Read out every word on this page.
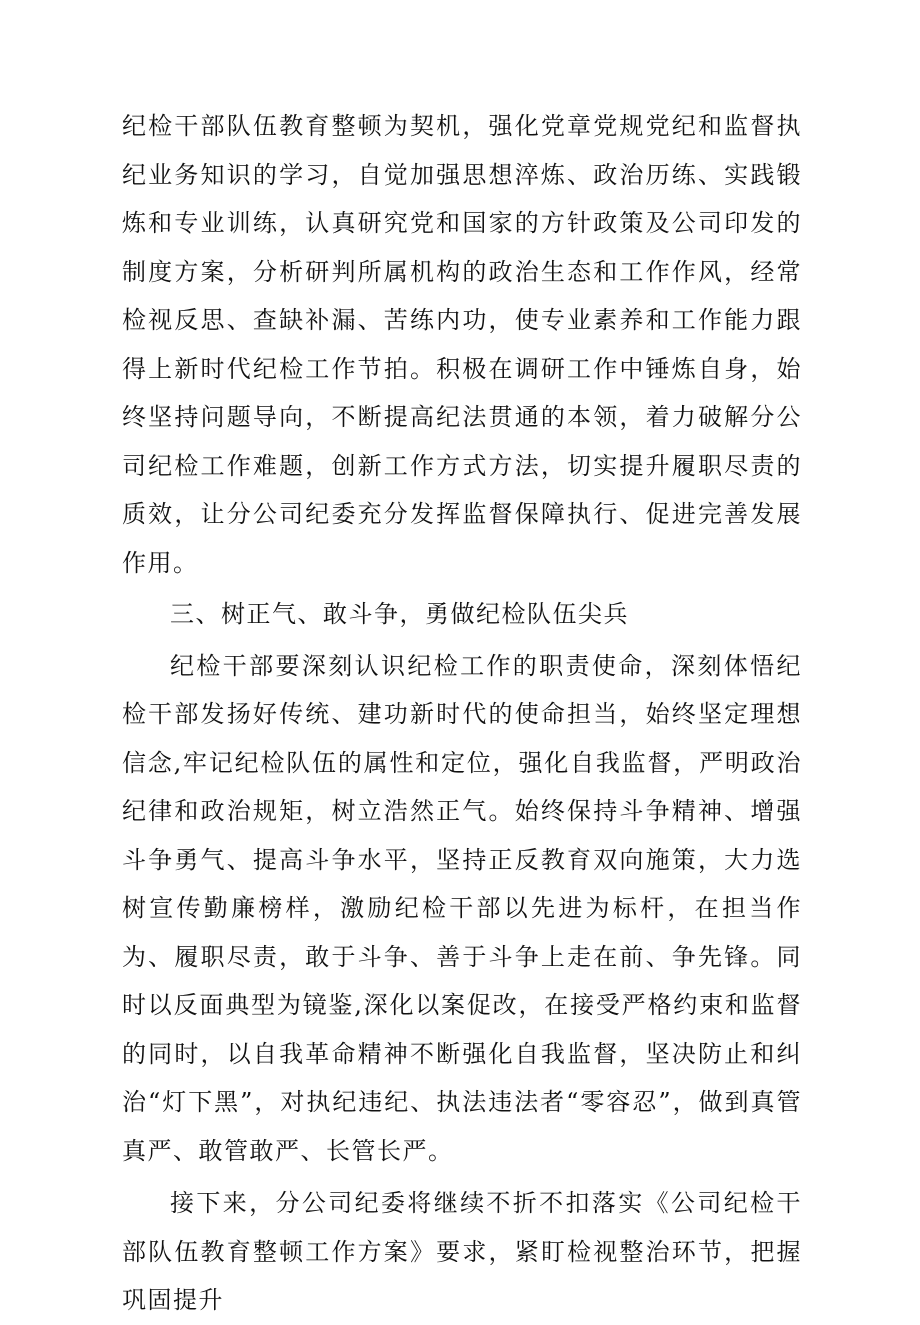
纪检干部队伍教育整顿为契机，强化党章党规党纪和监督执纪业务知识的学习，自觉加强思想淬炼、政治历练、实践锻炼和专业训练，认真研究党和国家的方针政策及公司印发的制度方案，分析研判所属机构的政治生态和工作作风，经常检视反思、查缺补漏、苦练内功，使专业素养和工作能力跟得上新时代纪检工作节拍。积极在调研工作中锤炼自身，始终坚持问题导向，不断提高纪法贯通的本领，着力破解分公司纪检工作难题，创新工作方式方法，切实提升履职尽责的质效，让分公司纪委充分发挥监督保障执行、促进完善发展作用。

三、树正气、敢斗争，勇做纪检队伍尖兵

纪检干部要深刻认识纪检工作的职责使命，深刻体悟纪检干部发扬好传统、建功新时代的使命担当，始终坚定理想信念,牢记纪检队伍的属性和定位，强化自我监督，严明政治纪律和政治规矩，树立浩然正气。始终保持斗争精神、增强斗争勇气、提高斗争水平，坚持正反教育双向施策，大力选树宣传勤廉榜样，激励纪检干部以先进为标杆，在担当作为、履职尽责，敢于斗争、善于斗争上走在前、争先锋。同时以反面典型为镜鉴,深化以案促改，在接受严格约束和监督的同时，以自我革命精神不断强化自我监督，坚决防止和纠治“灯下黑”，对执纪违纪、执法违法者“零容忍”，做到真管真严、敢管敢严、长管长严。

接下来，分公司纪委将继续不折不扣落实《公司纪检干部队伍教育整顿工作方案》要求，紧盯检视整治环节，把握巩固提升
